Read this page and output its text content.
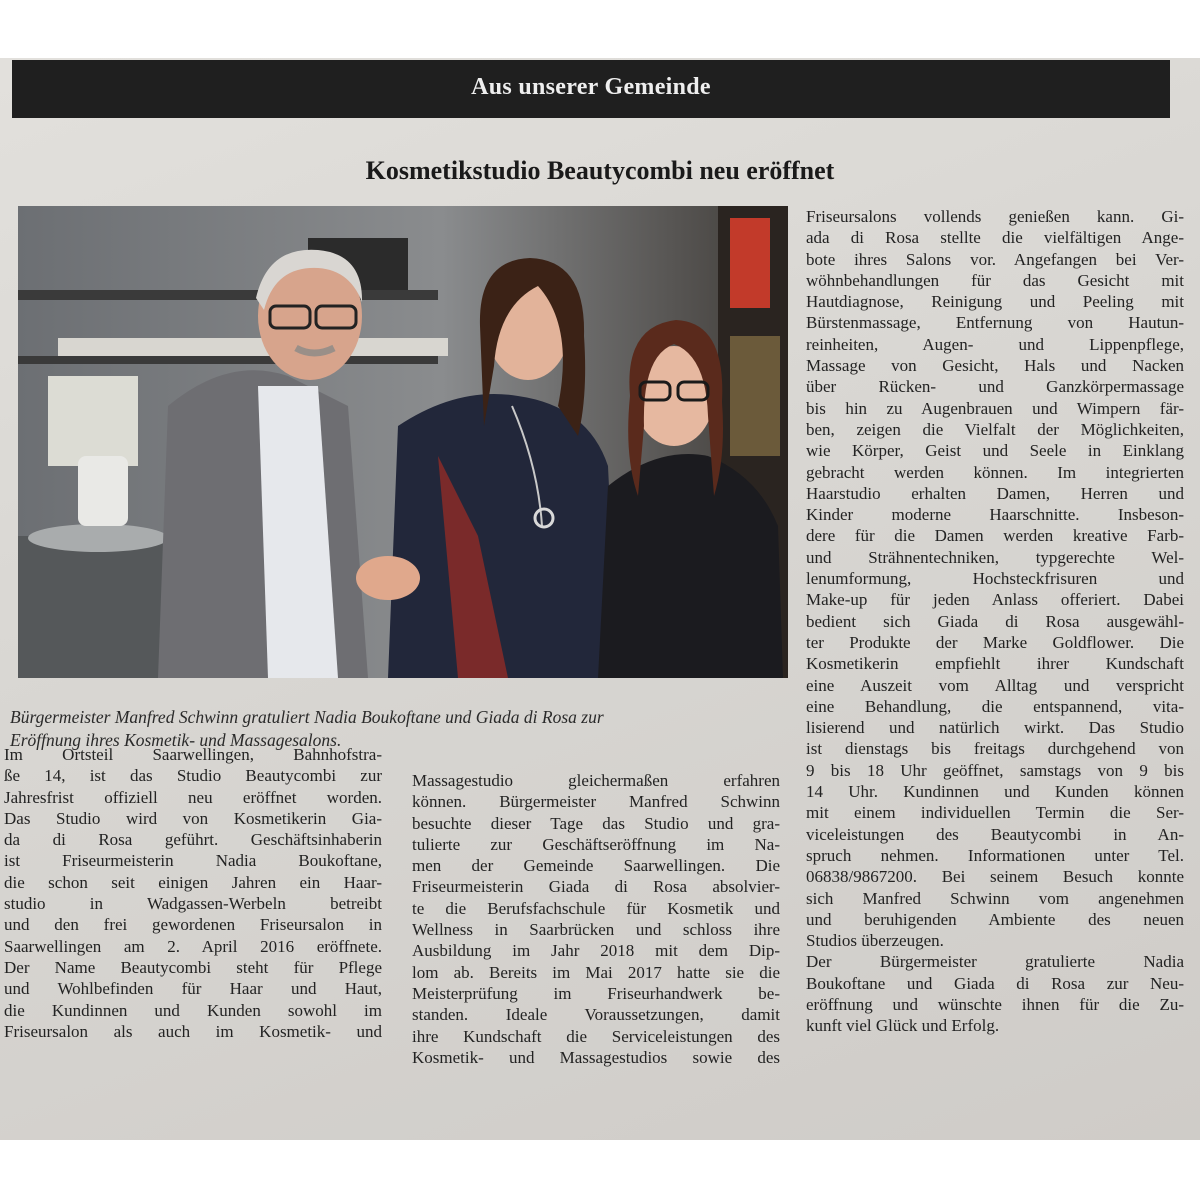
Aus unserer Gemeinde
Kosmetikstudio Beautycombi neu eröffnet
Bürgermeister Manfred Schwinn gratuliert Nadia Boukoftane und Giada di Rosa zur
Eröffnung ihres Kosmetik- und Massagesalons.

Im Ortsteil Saarwellingen, Bahnhofstra-

ße 14, ist das Studio Beautycombi zur

Jahresfrist offiziell neu eröffnet worden.

Das Studio wird von Kosmetikerin Gia-

da di Rosa geführt. Geschäftsinhaberin

ist Friseurmeisterin Nadia Boukoftane,

die schon seit einigen Jahren ein Haar-

studio in Wadgassen-Werbeln betreibt

und den frei gewordenen Friseursalon in

Saarwellingen am 2. April 2016 eröffnete.

Der Name Beautycombi steht für Pflege

und Wohlbefinden für Haar und Haut,

die Kundinnen und Kunden sowohl im

Friseursalon als auch im Kosmetik- und

Massagestudio gleichermaßen erfahren

können. Bürgermeister Manfred Schwinn

besuchte dieser Tage das Studio und gra-

tulierte zur Geschäftseröffnung im Na-

men der Gemeinde Saarwellingen. Die

Friseurmeisterin Giada di Rosa absolvier-

te die Berufsfachschule für Kosmetik und

Wellness in Saarbrücken und schloss ihre

Ausbildung im Jahr 2018 mit dem Dip-

lom ab. Bereits im Mai 2017 hatte sie die

Meisterprüfung im Friseurhandwerk be-

standen. Ideale Voraussetzungen, damit

ihre Kundschaft die Serviceleistungen des

Kosmetik- und Massagestudios sowie des

Friseursalons vollends genießen kann. Gi-

ada di Rosa stellte die vielfältigen Ange-

bote ihres Salons vor. Angefangen bei Ver-

wöhnbehandlungen für das Gesicht mit

Hautdiagnose, Reinigung und Peeling mit

Bürstenmassage, Entfernung von Hautun-

reinheiten, Augen- und Lippenpflege,

Massage von Gesicht, Hals und Nacken

über Rücken- und Ganzkörpermassage

bis hin zu Augenbrauen und Wimpern fär-

ben, zeigen die Vielfalt der Möglichkeiten,

wie Körper, Geist und Seele in Einklang

gebracht werden können. Im integrierten

Haarstudio erhalten Damen, Herren und

Kinder moderne Haarschnitte. Insbeson-

dere für die Damen werden kreative Farb-

und Strähnentechniken, typgerechte Wel-

lenumformung, Hochsteckfrisuren und

Make-up für jeden Anlass offeriert. Dabei

bedient sich Giada di Rosa ausgewähl-

ter Produkte der Marke Goldflower. Die

Kosmetikerin empfiehlt ihrer Kundschaft

eine Auszeit vom Alltag und verspricht

eine Behandlung, die entspannend, vita-

lisierend und natürlich wirkt. Das Studio

ist dienstags bis freitags durchgehend von

9 bis 18 Uhr geöffnet, samstags von 9 bis

14 Uhr. Kundinnen und Kunden können

mit einem individuellen Termin die Ser-

viceleistungen des Beautycombi in An-

spruch nehmen. Informationen unter Tel.

06838/9867200. Bei seinem Besuch konnte

sich Manfred Schwinn vom angenehmen

und beruhigenden Ambiente des neuen

Studios überzeugen.

Der Bürgermeister gratulierte Nadia

Boukoftane und Giada di Rosa zur Neu-

eröffnung und wünschte ihnen für die Zu-

kunft viel Glück und Erfolg.
